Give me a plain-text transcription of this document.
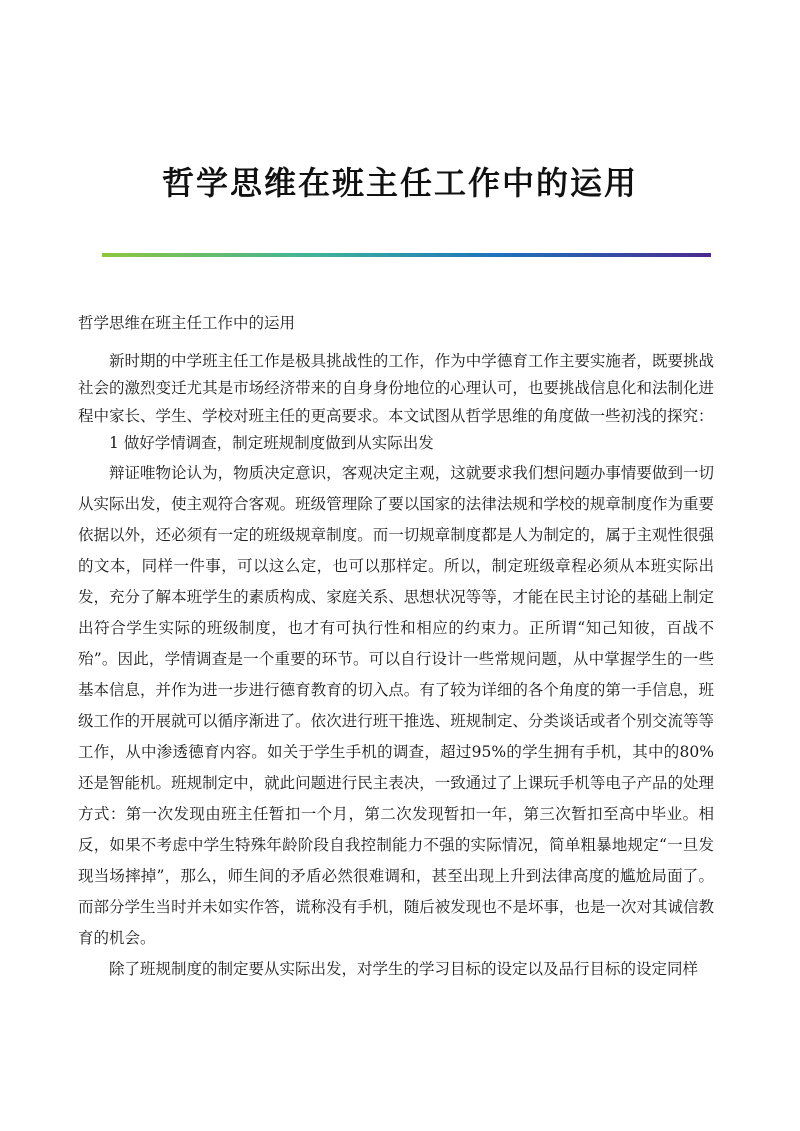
哲学思维在班主任工作中的运用

哲学思维在班主任工作中的运用

新时期的中学班主任工作是极具挑战性的工作，作为中学德育工作主要实施者，既要挑战社会的激烈变迁尤其是市场经济带来的自身身份地位的心理认可，也要挑战信息化和法制化进程中家长、学生、学校对班主任的更高要求。本文试图从哲学思维的角度做一些初浅的探究：

1 做好学情调查，制定班规制度做到从实际出发

辩证唯物论认为，物质决定意识，客观决定主观，这就要求我们想问题办事情要做到一切从实际出发，使主观符合客观。班级管理除了要以国家的法律法规和学校的规章制度作为重要依据以外，还必须有一定的班级规章制度。而一切规章制度都是人为制定的，属于主观性很强的文本，同样一件事，可以这么定，也可以那样定。所以，制定班级章程必须从本班实际出发，充分了解本班学生的素质构成、家庭关系、思想状况等等，才能在民主讨论的基础上制定出符合学生实际的班级制度，也才有可执行性和相应的约束力。正所谓“知己知彼，百战不殆”。因此，学情调查是一个重要的环节。可以自行设计一些常规问题，从中掌握学生的一些基本信息，并作为进一步进行德育教育的切入点。有了较为详细的各个角度的第一手信息，班级工作的开展就可以循序渐进了。依次进行班干推选、班规制定、分类谈话或者个别交流等等工作，从中渗透德育内容。如关于学生手机的调查，超过95%的学生拥有手机，其中的80%还是智能机。班规制定中，就此问题进行民主表决，一致通过了上课玩手机等电子产品的处理方式：第一次发现由班主任暂扣一个月，第二次发现暂扣一年，第三次暂扣至高中毕业。相反，如果不考虑中学生特殊年龄阶段自我控制能力不强的实际情况，简单粗暴地规定“一旦发现当场摔掉”，那么，师生间的矛盾必然很难调和，甚至出现上升到法律高度的尴尬局面了。而部分学生当时并未如实作答，谎称没有手机，随后被发现也不是坏事，也是一次对其诚信教育的机会。

除了班规制度的制定要从实际出发，对学生的学习目标的设定以及品行目标的设定同样
